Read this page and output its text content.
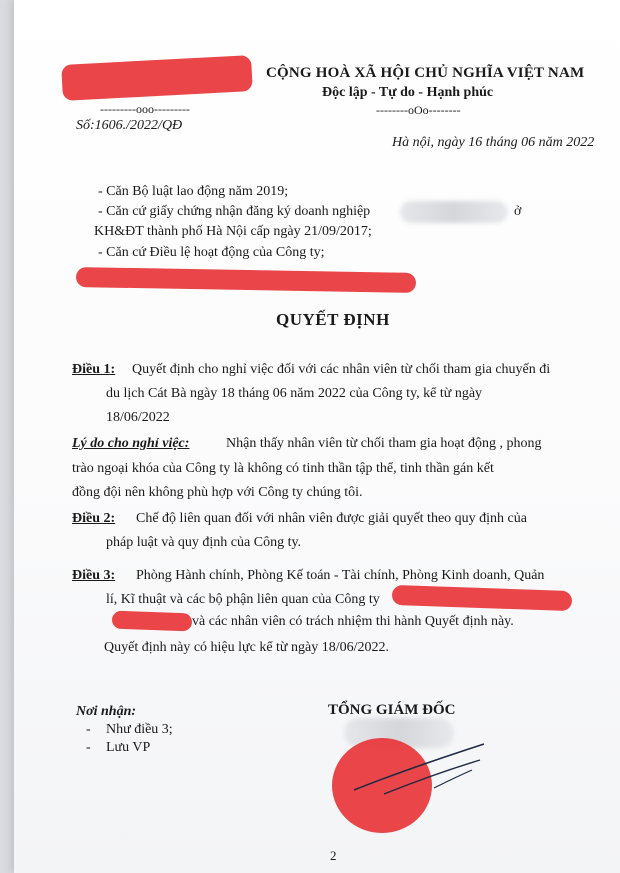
CỘNG HOÀ XÃ HỘI CHỦ NGHĨA VIỆT NAM
Độc lập - Tự do - Hạnh phúc
---------ooo---------	--------oOo--------
Số:1606./2022/QĐ
Hà nội, ngày 16 tháng 06 năm 2022
- Căn Bộ luật lao động năm 2019;
- Căn cứ giấy chứng nhận đăng ký doanh nghiệp	ở
KH&ĐT thành phố Hà Nội cấp ngày 21/09/2017;
- Căn cứ Điều lệ hoạt động của Công ty;
QUYẾT ĐỊNH
Điều 1: Quyết định cho nghỉ việc đối với các nhân viên từ chối tham gia chuyến đi
du lịch Cát Bà ngày 18 tháng 06 năm 2022 của Công ty, kể từ ngày
18/06/2022
Lý do cho nghỉ việc:	Nhận thấy nhân viên từ chối tham gia hoạt động , phong
trào ngoại khóa của Công ty là không có tinh thần tập thể, tinh thần gán kết
đồng đội nên không phù hợp với Công ty chúng tôi.
Điều 2: Chế độ liên quan đối với nhân viên được giải quyết theo quy định của
pháp luật và quy định của Công ty.
Điều 3: Phòng Hành chính, Phòng Kế toán - Tài chính, Phòng Kinh doanh, Quản
lí, Kĩ thuật và các bộ phận liên quan của Công ty
và các nhân viên có trách nhiệm thi hành Quyết định này.
Quyết định này có hiệu lực kể từ ngày 18/06/2022.
Nơi nhận:
- Như điều 3;
- Lưu VP
TỔNG GIÁM ĐỐC
2
